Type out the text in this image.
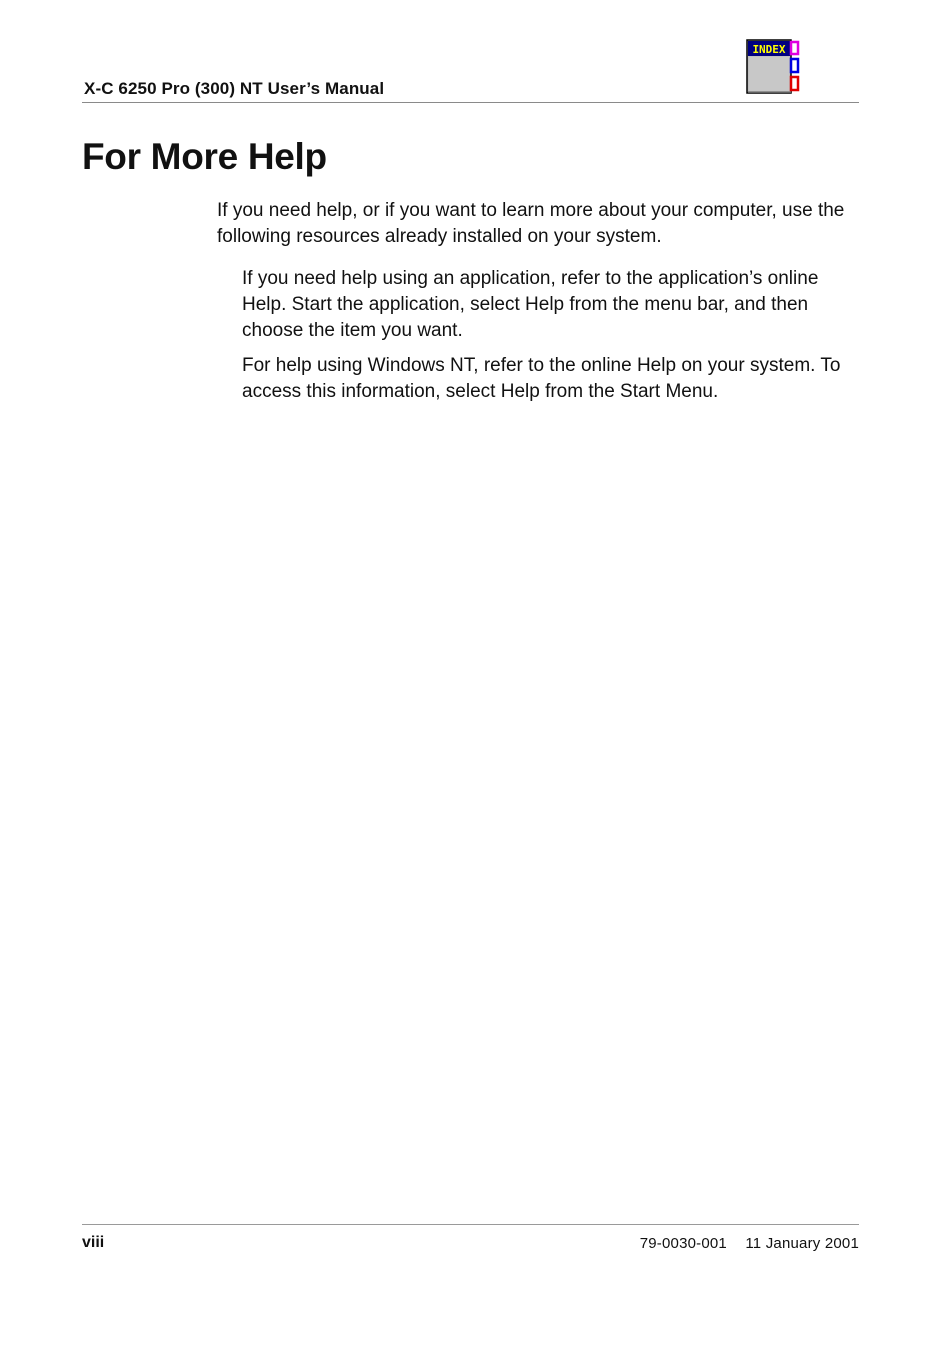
X-C 6250 Pro (300) NT User’s Manual
INDEX
For More Help

If you need help, or if you want to learn more about your computer, use the following resources already installed on your system.

If you need help using an application, refer to the application’s online Help. Start the application, select Help from the menu bar, and then choose the item you want.
For help using Windows NT, refer to the online Help on your system. To access this information, select Help from the Start Menu.
viii	79-0030-001 11 January 2001
